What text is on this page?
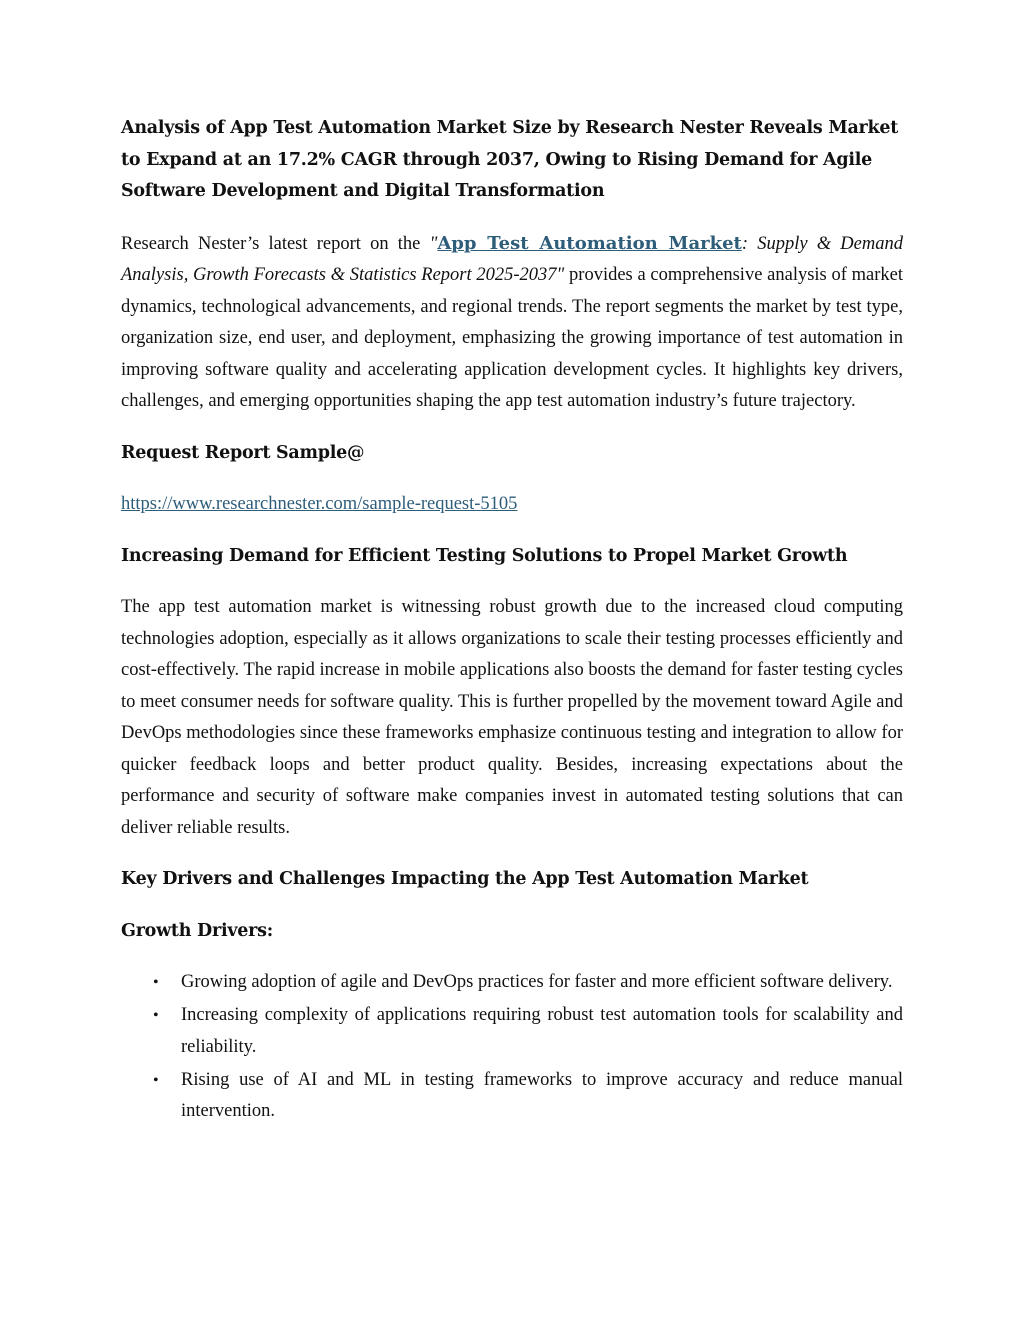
Analysis of App Test Automation Market Size by Research Nester Reveals Market to Expand at an 17.2% CAGR through 2037, Owing to Rising Demand for Agile Software Development and Digital Transformation

Research Nester’s latest report on the "App Test Automation Market: Supply & Demand Analysis, Growth Forecasts & Statistics Report 2025-2037" provides a comprehensive analysis of market dynamics, technological advancements, and regional trends. The report segments the market by test type, organization size, end user, and deployment, emphasizing the growing importance of test automation in improving software quality and accelerating application development cycles. It highlights key drivers, challenges, and emerging opportunities shaping the app test automation industry’s future trajectory.

Request Report Sample@
https://www.researchnester.com/sample-request-5105
Increasing Demand for Efficient Testing Solutions to Propel Market Growth

The app test automation market is witnessing robust growth due to the increased cloud computing technologies adoption, especially as it allows organizations to scale their testing processes efficiently and cost-effectively. The rapid increase in mobile applications also boosts the demand for faster testing cycles to meet consumer needs for software quality. This is further propelled by the movement toward Agile and DevOps methodologies since these frameworks emphasize continuous testing and integration to allow for quicker feedback loops and better product quality. Besides, increasing expectations about the performance and security of software make companies invest in automated testing solutions that can deliver reliable results.

Key Drivers and Challenges Impacting the App Test Automation Market
Growth Drivers:
• Growing adoption of agile and DevOps practices for faster and more efficient software delivery.
• Increasing complexity of applications requiring robust test automation tools for scalability and reliability.
• Rising use of AI and ML in testing frameworks to improve accuracy and reduce manual intervention.
